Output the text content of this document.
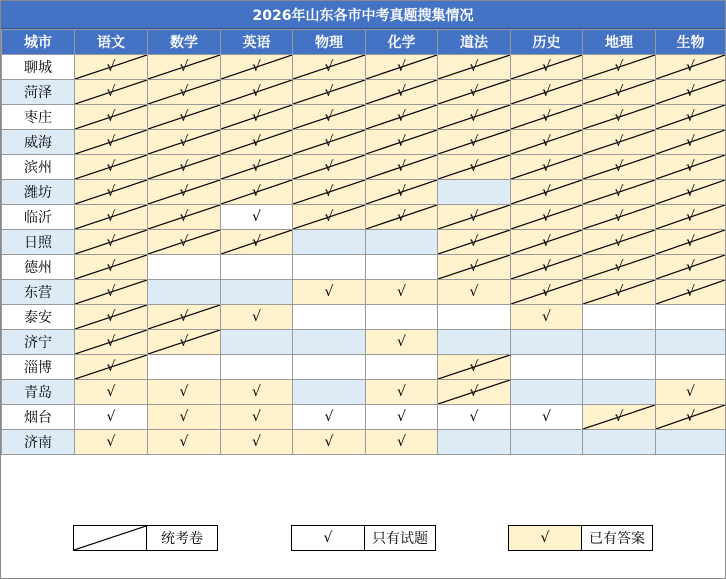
2026年山东各市中考真题搜集情况
城市	语文	数学	英语	物理	化学	道法	历史	地理	生物
聊城	√	√	√	√	√	√	√	√	√
菏泽	√	√	√	√	√	√	√	√	√
枣庄	√	√	√	√	√	√	√	√	√
威海	√	√	√	√	√	√	√	√	√
滨州	√	√	√	√	√	√	√	√	√
潍坊	√	√	√	√	√		√	√	√
临沂	√	√	√	√	√	√	√	√	√
日照	√	√	√			√	√	√	√
德州	√					√	√	√	√
东营	√			√	√	√	√	√	√
泰安	√	√	√				√		
济宁	√	√			√				
淄博	√					√			
青岛	√	√	√		√	√			√
烟台	√	√	√	√	√	√	√	√	√
济南	√	√	√	√	√				
统考卷	√	只有试题	√	已有答案
